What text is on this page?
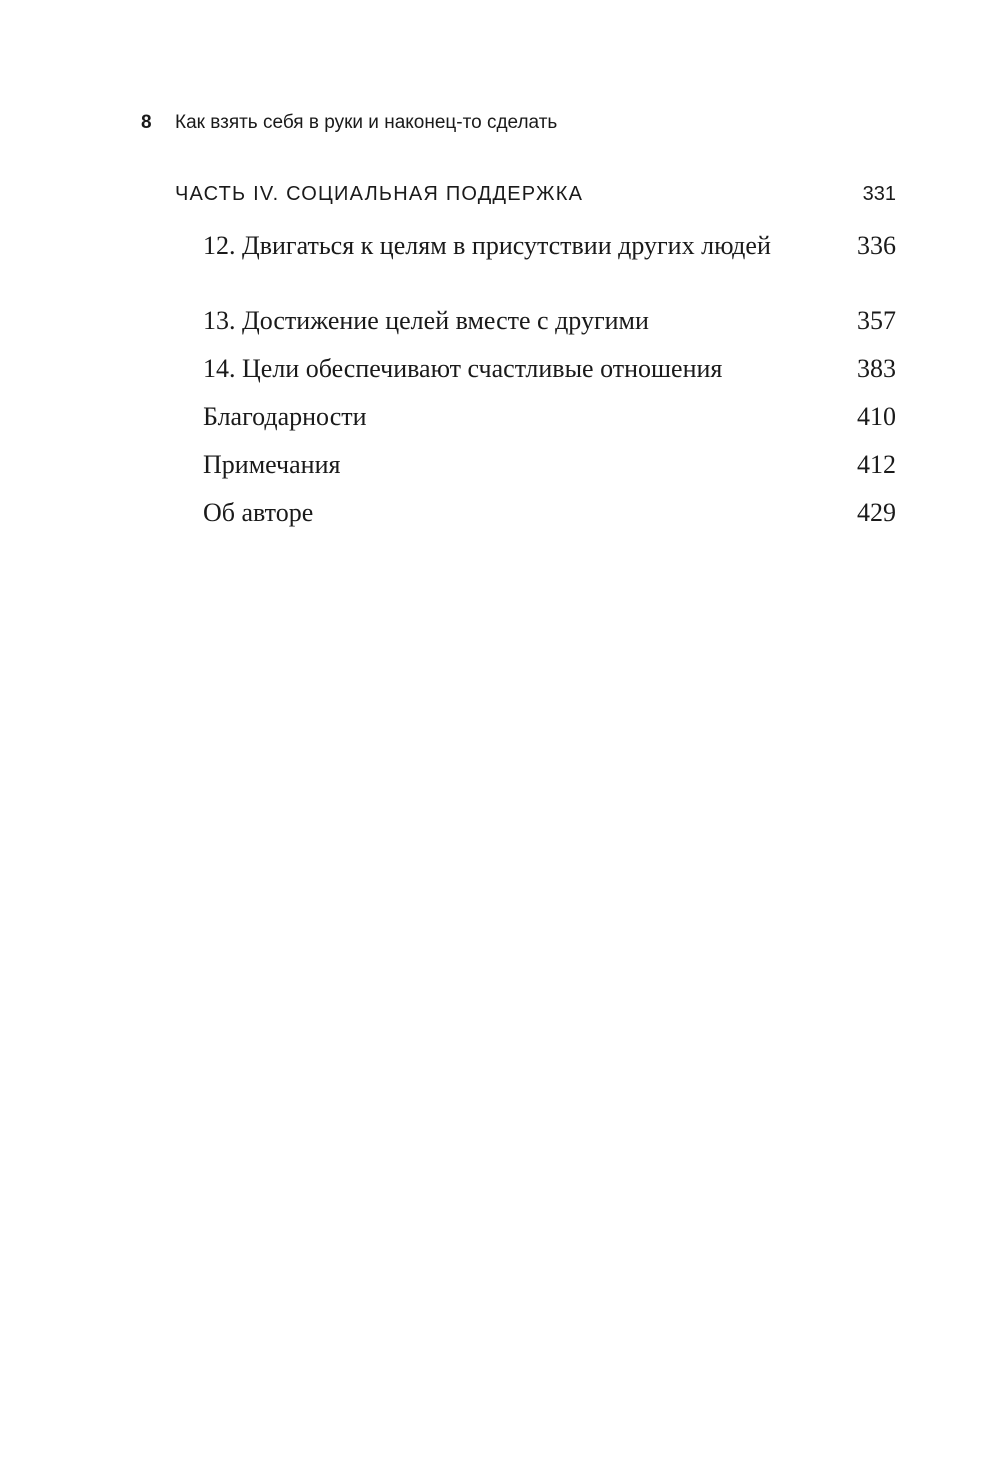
8	Как взять себя в руки и наконец-то сделать
ЧАСТЬ IV. СОЦИАЛЬНАЯ ПОДДЕРЖКА	331
12. Двигаться к целям в присутствии других людей	336
13. Достижение целей вместе с другими	357
14. Цели обеспечивают счастливые отношения	383
Благодарности	410
Примечания	412
Об авторе	429
